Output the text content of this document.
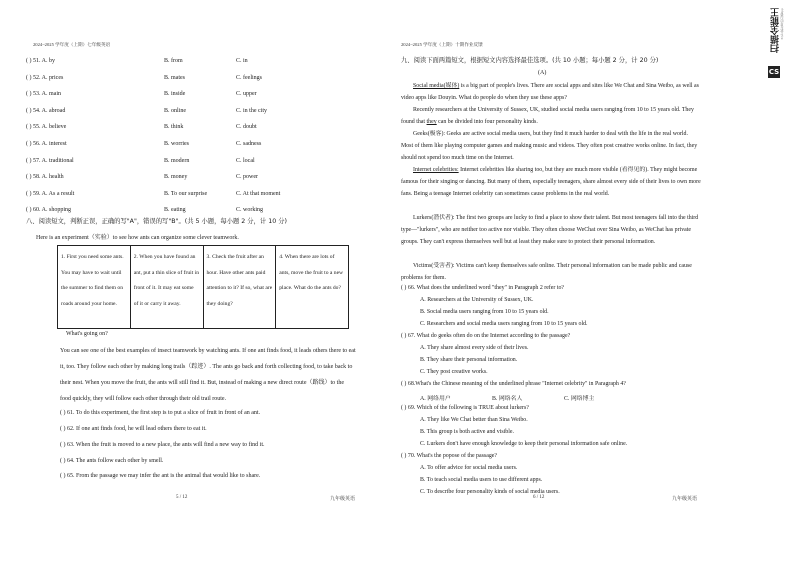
2024~2025 学年度（上期）七年级英语
( ) 51. A. by	B. from	C. in
( ) 52. A. prices	B. mates	C. feelings
( ) 53. A. main	B. inside	C. upper
( ) 54. A. abroad	B. online	C. in the city
( ) 55. A. believe	B. think	C. doubt
( ) 56. A. interest	B. worries	C. sadness
( ) 57. A. traditional	B. modern	C. local
( ) 58. A. health	B. money	C. power
( ) 59. A. As a result	B. To our surprise	C. At that moment
( ) 60. A. shopping	B. eating	C. working
八、阅读短文，判断正误，正确的写"A"，错误的写"B"。(共 5 小题，每小题 2 分，计 10 分)
Here is an experiment（实验）to see how ants can organize some clever teamwork.
1. First you need some ants. You may have to wait until the summer to find them on roads around your home.
2. When you have found an ant, put a thin slice of fruit in front of it. It may eat some of it or carry it away.
3. Check the fruit after an hour. Have other ants paid attention to it? If so, what are they doing?
4. When there are lots of ants, move the fruit to a new place. What do the ants do?
What's going on?
You can see one of the best examples of insect teamwork by watching ants. If one ant finds food, it leads others there to eat it, too. They follow each other by making long trails（踪迹）. The ants go back and forth collecting food, to take back to their nest. When you move the fruit, the ants will still find it. But, instead of making a new direct route（路线）to the food quickly, they will follow each other through their old trail route.
( ) 61. To do this experiment, the first step is to put a slice of fruit in front of an ant.
( ) 62. If one ant finds food, he will lead others there to eat it.
( ) 63. When the fruit is moved to a new place, the ants will find a new way to find it.
( ) 64. The ants follow each other by smell.
( ) 65. From the passage we may infer the ant is the animal that would like to share.
5 / 12	九年级英语
2024~2025 学年度（上期）十期作业反馈
九、阅读下面两篇短文，根据短文内容选择最佳选项。(共 10 小题；每小题 2 分，计 20 分)
(A)
Social media(媒体) is a big part of people's lives. There are social apps and sites like We Chat and Sina Weibo, as well as video apps like Douyin. What do people do when they use these apps?
Recently researchers at the University of Sussex, UK, studied social media users ranging from 10 to 15 years old. They found that they can be divided into four personality kinds.
Geeks(极客): Geeks are active social media users, but they find it much harder to deal with the life in the real world. Most of them like playing computer games and making music and videos. They often post creative works online. In fact, they should not spend too much time on the Internet.
Internet celebrities: Internet celebrities like sharing too, but they are much more visible (看得见的). They might become famous for their singing or dancing. But many of them, especially teenagers, share almost every side of their lives to own more fans. Being a teenage Internet celebrity can sometimes cause problems in the real world.
Lurkers(潜伏者): The first two groups are lucky to find a place to show their talent. But most teenagers fall into the third type—"lurkers", who are neither too active nor visible. They often choose WeChat over Sina Weibo, as WeChat has private groups. They can't express themselves well but at least they make sure to protect their personal information.
Victims(受害者): Victims can't keep themselves safe online. Their personal information can be made public and cause problems for them.
( ) 66. What does the underlined word "they" in Paragraph 2 refer to?
A. Researchers at the University of Sussex, UK.
B. Social media users ranging from 10 to 15 years old.
C. Researchers and social media users ranging from 10 to 15 years old.
( ) 67. What do geeks often do on the Internet according to the passage?
A. They share almost every side of their lives.
B. They share their personal information.
C. They post creative works.
( ) 68.What's the Chinese meaning of the underlined phrase "Internet celebrity" in Paragraph 4?
A. 网络用户	B. 网络名人	C. 网络博主
( ) 69. Which of the following is TRUE about lurkers?
A. They like We Chat better than Sina Weibo.
B. This group is both active and visible.
C. Lurkers don't have enough knowledge to keep their personal information safe online.
( ) 70. What's the popose of the passage?
A. To offer advice for social media users.
B. To teach social media users to use different apps.
C. To describe four personality kinds of social media users.
6 / 12	九年级英语
扫描全能王 3亿人都在用的扫描App
CS
